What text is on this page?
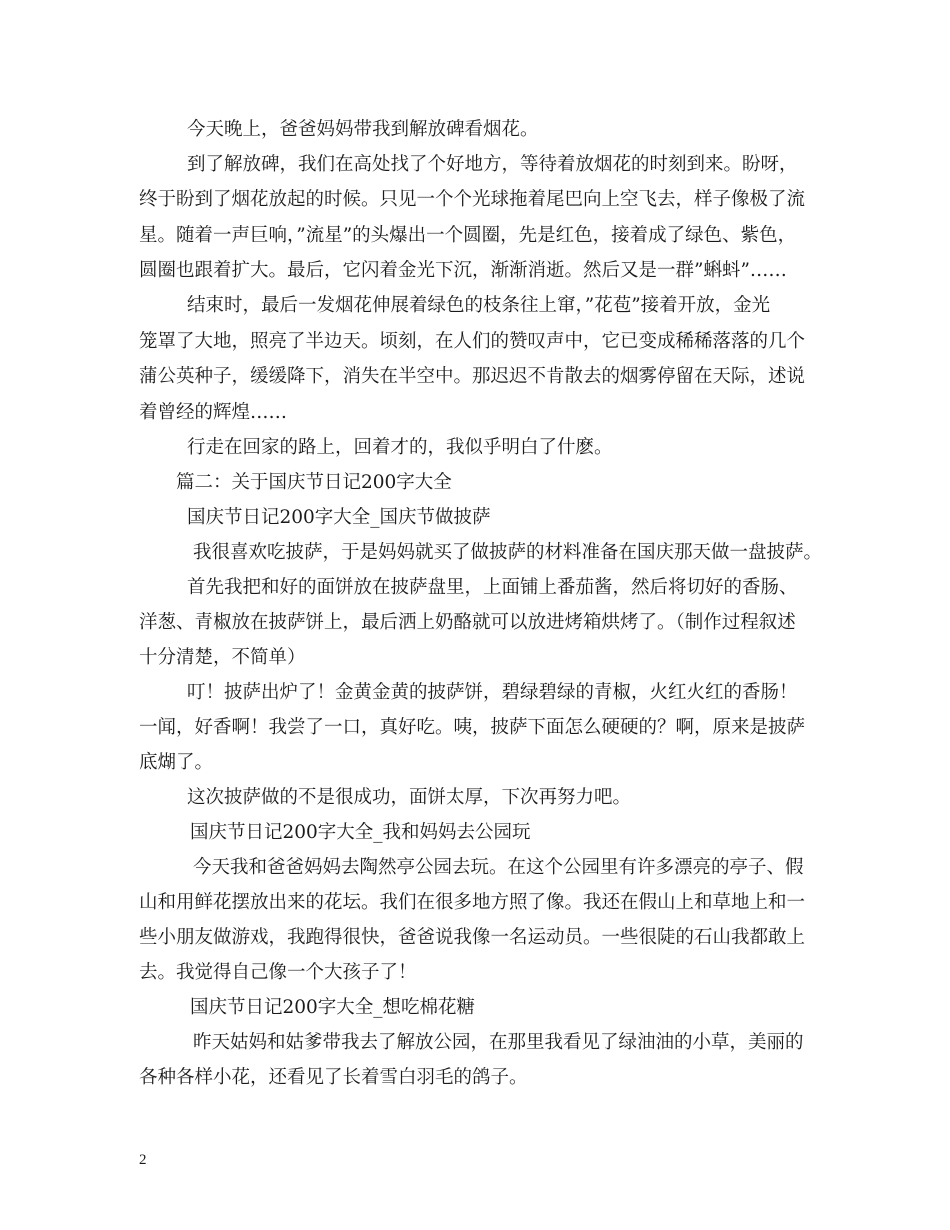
今天晚上，爸爸妈妈带我到解放碑看烟花。
到了解放碑，我们在高处找了个好地方，等待着放烟花的时刻到来。盼呀，
终于盼到了烟花放起的时候。只见一个个光球拖着尾巴向上空飞去，样子像极了流
星。随着一声巨响，”流星”的头爆出一个圆圈，先是红色，接着成了绿色、紫色，
圆圈也跟着扩大。最后，它闪着金光下沉，渐渐消逝。然后又是一群”蝌蚪”……
结束时，最后一发烟花伸展着绿色的枝条往上窜，”花苞”接着开放，金光
笼罩了大地，照亮了半边天。顷刻，在人们的赞叹声中，它已变成稀稀落落的几个
蒲公英种子，缓缓降下，消失在半空中。那迟迟不肯散去的烟雾停留在天际，述说
着曾经的辉煌……
行走在回家的路上，回着才的，我似乎明白了什麽。
篇二：关于国庆节日记200字大全
国庆节日记200字大全_国庆节做披萨
我很喜欢吃披萨，于是妈妈就买了做披萨的材料准备在国庆那天做一盘披萨。
首先我把和好的面饼放在披萨盘里，上面铺上番茄酱，然后将切好的香肠、
洋葱、青椒放在披萨饼上，最后洒上奶酪就可以放进烤箱烘烤了。（制作过程叙述
十分清楚，不简单）
叮！披萨出炉了！金黄金黄的披萨饼，碧绿碧绿的青椒，火红火红的香肠！
一闻，好香啊！我尝了一口，真好吃。咦，披萨下面怎么硬硬的？啊，原来是披萨
底煳了。
这次披萨做的不是很成功，面饼太厚，下次再努力吧。
国庆节日记200字大全_我和妈妈去公园玩
今天我和爸爸妈妈去陶然亭公园去玩。在这个公园里有许多漂亮的亭子、假
山和用鲜花摆放出来的花坛。我们在很多地方照了像。我还在假山上和草地上和一
些小朋友做游戏，我跑得很快，爸爸说我像一名运动员。一些很陡的石山我都敢上
去。我觉得自己像一个大孩子了！
国庆节日记200字大全_想吃棉花糖
昨天姑妈和姑爹带我去了解放公园，在那里我看见了绿油油的小草，美丽的
各种各样小花，还看见了长着雪白羽毛的鸽子。
2
